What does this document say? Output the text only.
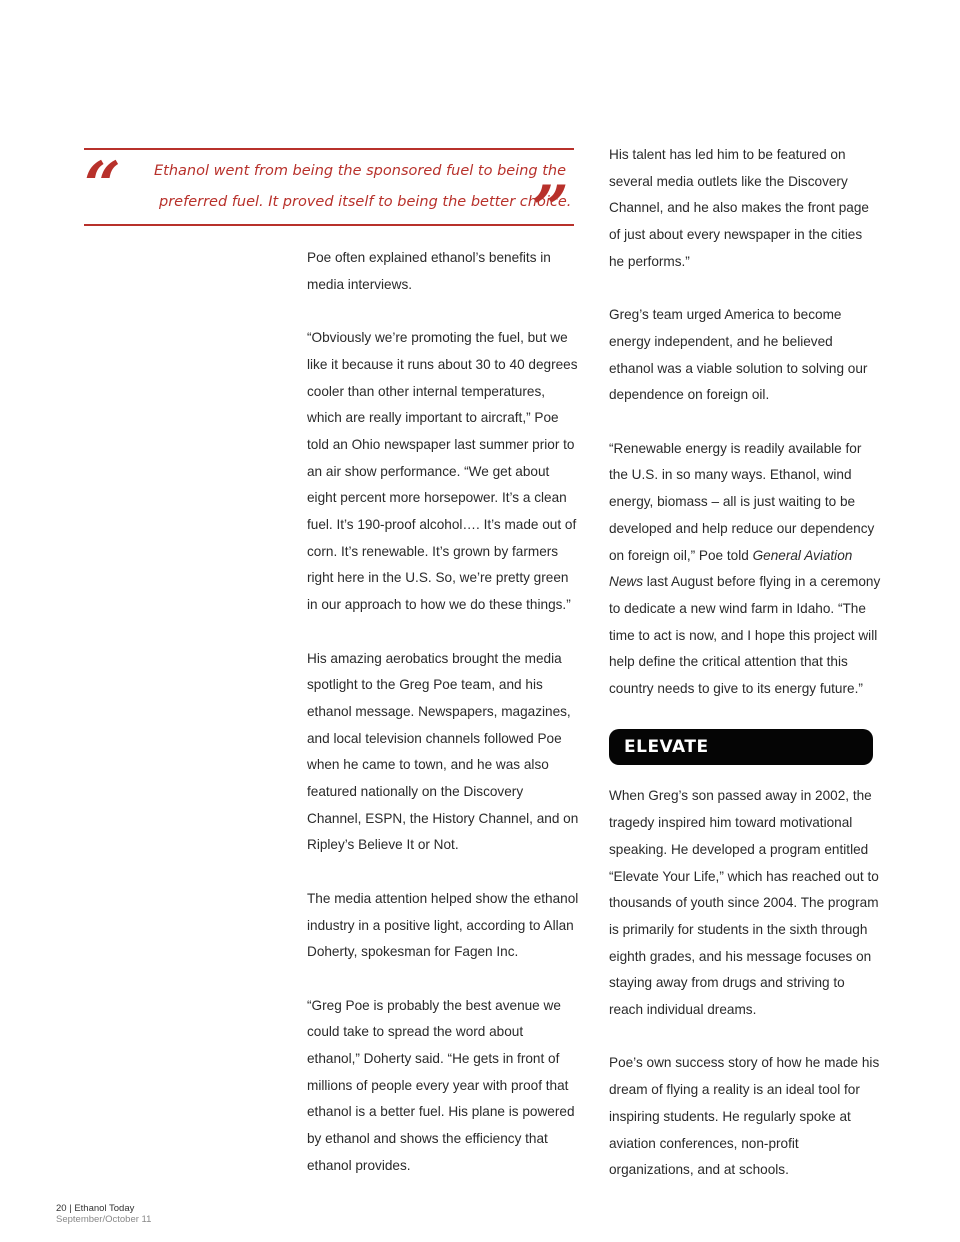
“ Ethanol went from being the sponsored fuel to being the
preferred fuel. It proved itself to being the better choice.
”

Poe often explained ethanol’s benefits in media interviews.

“Obviously we’re promoting the fuel, but we like it because it runs about 30 to 40 degrees cooler than other internal temperatures, which are really important to aircraft,” Poe told an Ohio newspaper last summer prior to an air show performance. “We get about eight percent more horsepower. It’s a clean fuel. It’s 190-proof alcohol…. It’s made out of corn. It’s renewable. It’s grown by farmers right here in the U.S. So, we’re pretty green in our approach to how we do these things.”

His amazing aerobatics brought the media spotlight to the Greg Poe team, and his ethanol message. Newspapers, magazines, and local television channels followed Poe when he came to town, and he was also featured nationally on the Discovery Channel, ESPN, the History Channel, and on Ripley’s Believe It or Not.

The media attention helped show the ethanol industry in a positive light, according to Allan Doherty, spokesman for Fagen Inc.

“Greg Poe is probably the best avenue we could take to spread the word about ethanol,” Doherty said. “He gets in front of millions of people every year with proof that ethanol is a better fuel. His plane is powered by ethanol and shows the efficiency that ethanol provides.

His talent has led him to be featured on several media outlets like the Discovery Channel, and he also makes the front page of just about every newspaper in the cities he performs.”

Greg’s team urged America to become energy independent, and he believed ethanol was a viable solution to solving our dependence on foreign oil.

“Renewable energy is readily available for the U.S. in so many ways. Ethanol, wind energy, biomass – all is just waiting to be developed and help reduce our dependency on foreign oil,” Poe told General Aviation News last August before flying in a ceremony to dedicate a new wind farm in Idaho. “The time to act is now, and I hope this project will help define the critical attention that this country needs to give to its energy future.”

ELEVATE

When Greg’s son passed away in 2002, the tragedy inspired him toward motivational speaking. He developed a program entitled “Elevate Your Life,” which has reached out to thousands of youth since 2004. The program is primarily for students in the sixth through eighth grades, and his message focuses on staying away from drugs and striving to reach individual dreams.

Poe’s own success story of how he made his dream of flying a reality is an ideal tool for inspiring students. He regularly spoke at aviation conferences, non-profit organizations, and at schools.

20 | Ethanol Today
September/October 11
